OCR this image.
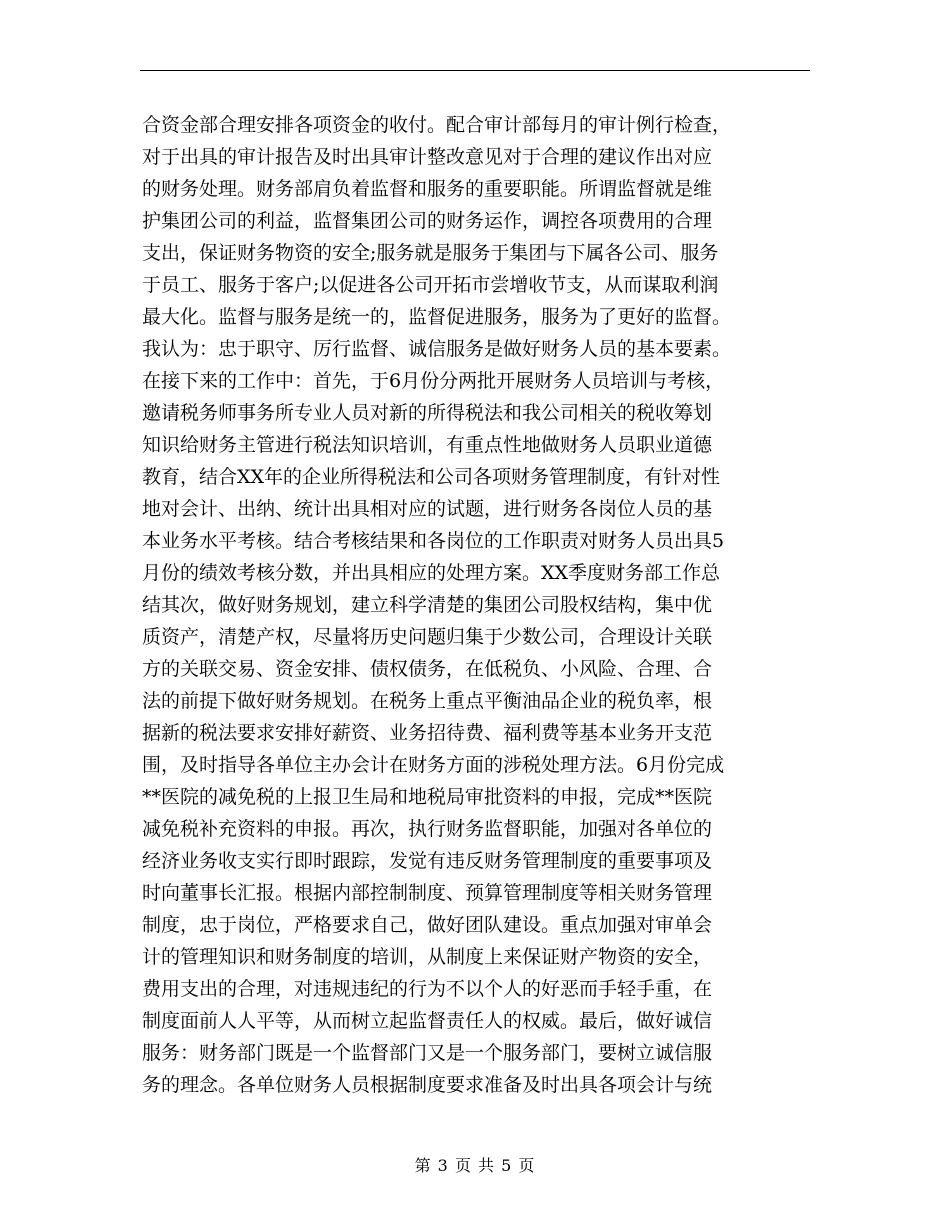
合资金部合理安排各项资金的收付。配合审计部每月的审计例行检查，
对于出具的审计报告及时出具审计整改意见对于合理的建议作出对应
的财务处理。财务部肩负着监督和服务的重要职能。所谓监督就是维
护集团公司的利益，监督集团公司的财务运作，调控各项费用的合理
支出，保证财务物资的安全;服务就是服务于集团与下属各公司、服务
于员工、服务于客户;以促进各公司开拓市尝增收节支，从而谋取利润
最大化。监督与服务是统一的，监督促进服务，服务为了更好的监督。
我认为：忠于职守、厉行监督、诚信服务是做好财务人员的基本要素。
在接下来的工作中：首先，于6月份分两批开展财务人员培训与考核，
邀请税务师事务所专业人员对新的所得税法和我公司相关的税收筹划
知识给财务主管进行税法知识培训，有重点性地做财务人员职业道德
教育，结合XX年的企业所得税法和公司各项财务管理制度，有针对性
地对会计、出纳、统计出具相对应的试题，进行财务各岗位人员的基
本业务水平考核。结合考核结果和各岗位的工作职责对财务人员出具5
月份的绩效考核分数，并出具相应的处理方案。XX季度财务部工作总
结其次，做好财务规划，建立科学清楚的集团公司股权结构，集中优
质资产，清楚产权，尽量将历史问题归集于少数公司，合理设计关联
方的关联交易、资金安排、债权债务，在低税负、小风险、合理、合
法的前提下做好财务规划。在税务上重点平衡油品企业的税负率，根
据新的税法要求安排好薪资、业务招待费、福利费等基本业务开支范
围，及时指导各单位主办会计在财务方面的涉税处理方法。6月份完成
**医院的减免税的上报卫生局和地税局审批资料的申报，完成**医院
减免税补充资料的申报。再次，执行财务监督职能，加强对各单位的
经济业务收支实行即时跟踪，发觉有违反财务管理制度的重要事项及
时向董事长汇报。根据内部控制制度、预算管理制度等相关财务管理
制度，忠于岗位，严格要求自己，做好团队建设。重点加强对审单会
计的管理知识和财务制度的培训，从制度上来保证财产物资的安全，
费用支出的合理，对违规违纪的行为不以个人的好恶而手轻手重，在
制度面前人人平等，从而树立起监督责任人的权威。最后，做好诚信
服务：财务部门既是一个监督部门又是一个服务部门，要树立诚信服
务的理念。各单位财务人员根据制度要求准备及时出具各项会计与统
第 3 页 共 5 页
